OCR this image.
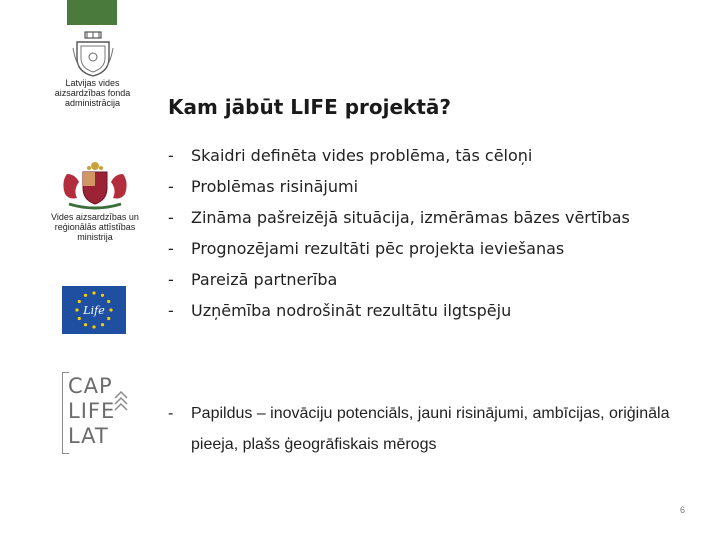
Latvijas vides aizsardzības fonda administrācija
Vides aizsardzības un reģionālās attīstības ministrija
Life
CAP
LIFE
LAT
Kam jābūt LIFE projektā?
- Skaidri definēta vides problēma, tās cēloņi
- Problēmas risinājumi
- Zināma pašreizējā situācija, izmērāmas bāzes vērtības
- Prognozējami rezultāti pēc projekta ieviešanas
- Pareizā partnerība
- Uzņēmība nodrošināt rezultātu ilgtspēju
- Papildus – inovāciju potenciāls, jauni risinājumi, ambīcijas, oriģināla pieeja, plašs ģeogrāfiskais mērogs
6
